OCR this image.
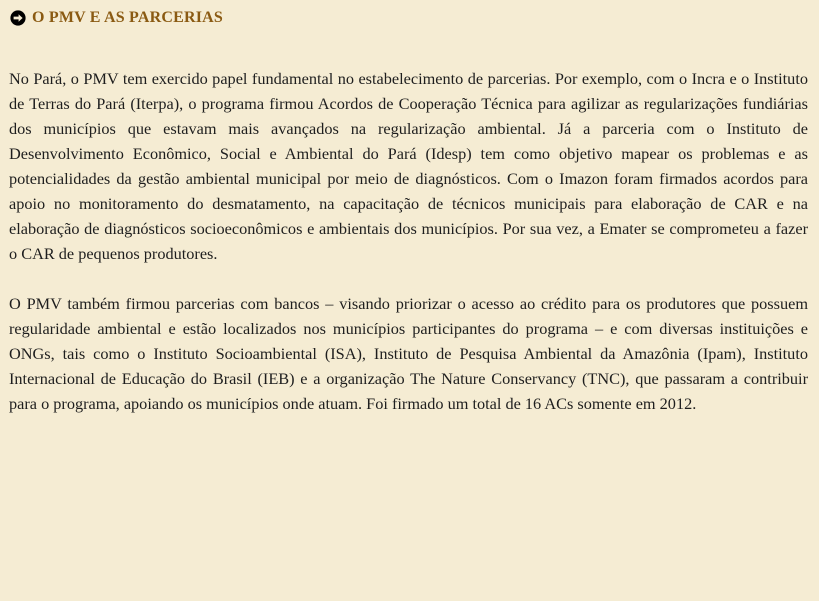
O PMV E AS PARCERIAS

No Pará, o PMV tem exercido papel fundamental no estabelecimento de parcerias. Por exemplo, com o Incra e o Instituto de Terras do Pará (Iterpa), o programa firmou Acordos de Cooperação Técnica para agilizar as regularizações fundiárias dos municípios que estavam mais avançados na regularização ambiental. Já a parceria com o Instituto de Desenvolvimento Econômico, Social e Ambiental do Pará (Idesp) tem como objetivo mapear os problemas e as potencialidades da gestão ambiental municipal por meio de diagnósticos. Com o Imazon foram firmados acordos para apoio no monitoramento do desmatamento, na capacitação de técnicos municipais para elaboração de CAR e na elaboração de diagnósticos socioeconômicos e ambientais dos municípios. Por sua vez, a Emater se comprometeu a fazer o CAR de pequenos produtores.

O PMV também firmou parcerias com bancos – visando priorizar o acesso ao crédito para os produtores que possuem regularidade ambiental e estão localizados nos municípios participantes do programa – e com diversas instituições e ONGs, tais como o Instituto Socioambiental (ISA), Instituto de Pesquisa Ambiental da Amazônia (Ipam), Instituto Internacional de Educação do Brasil (IEB) e a organização The Nature Conservancy (TNC), que passaram a contribuir para o programa, apoiando os municípios onde atuam. Foi firmado um total de 16 ACs somente em 2012.
